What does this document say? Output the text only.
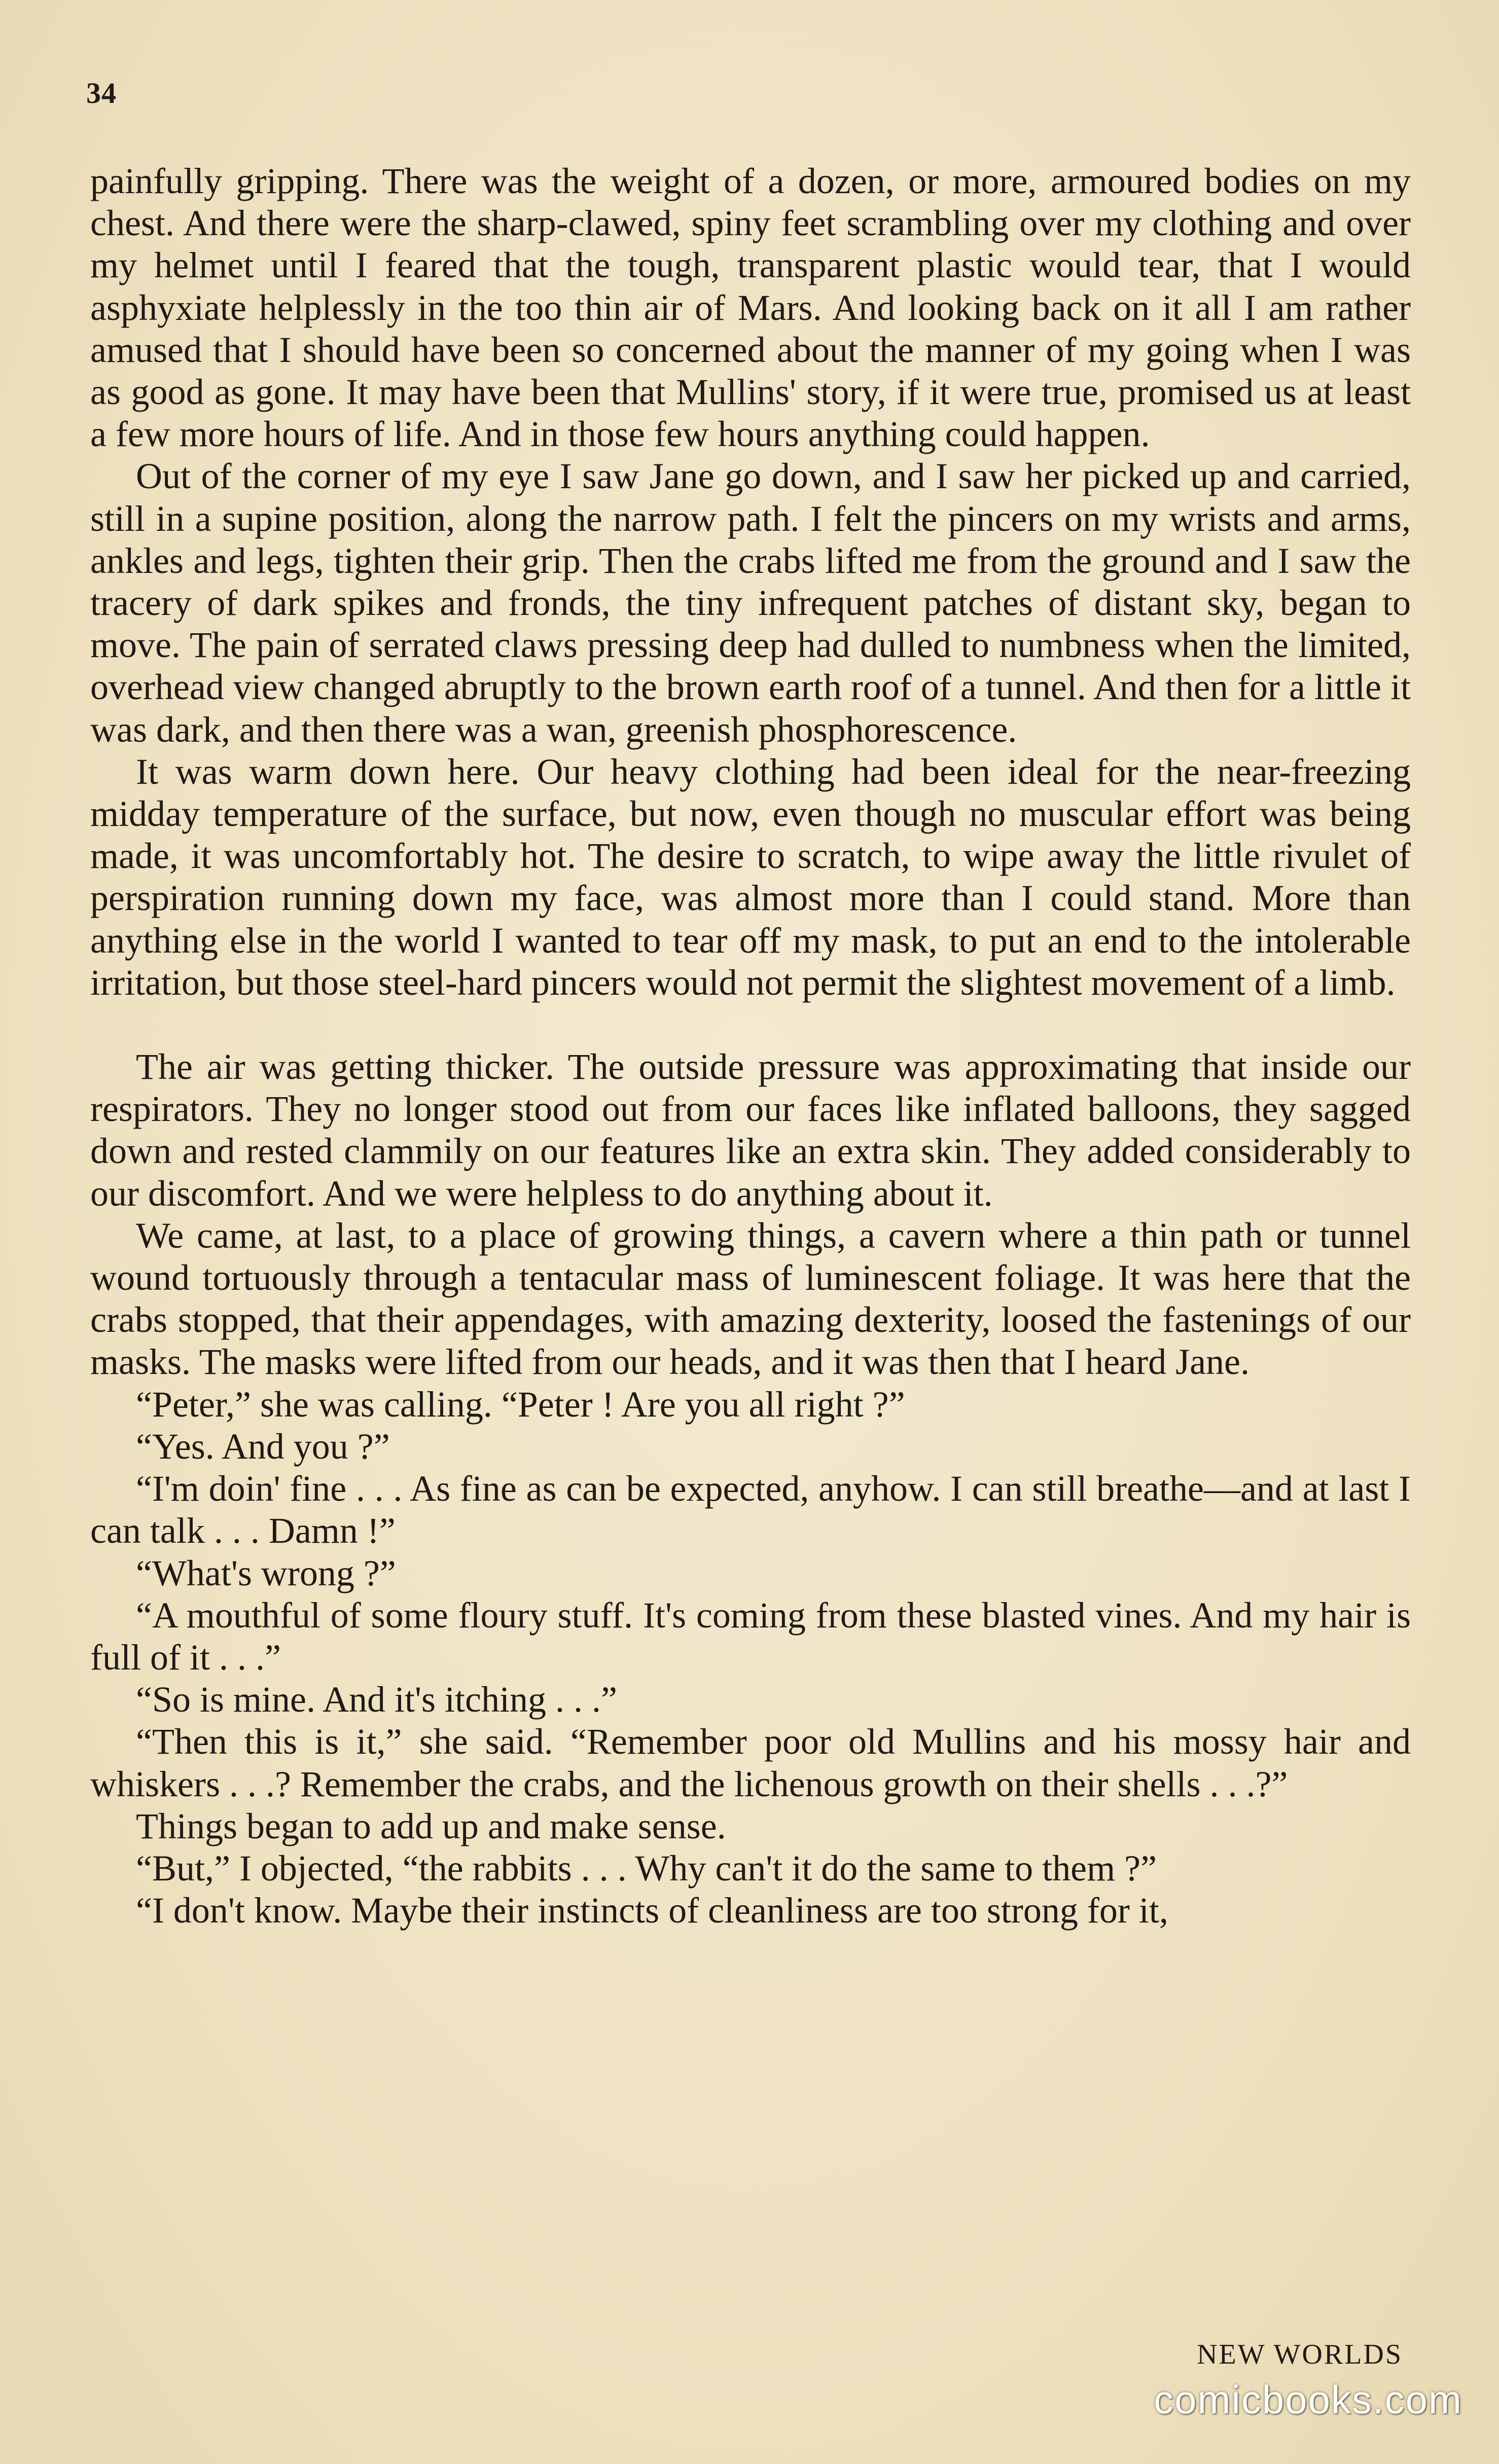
34

painfully gripping. There was the weight of a dozen, or more, armoured bodies on my chest. And there were the sharp-clawed, spiny feet scrambling over my clothing and over my helmet until I feared that the tough, transparent plastic would tear, that I would asphyxiate helplessly in the too thin air of Mars. And looking back on it all I am rather amused that I should have been so concerned about the manner of my going when I was as good as gone. It may have been that Mullins' story, if it were true, promised us at least a few more hours of life. And in those few hours anything could happen.

Out of the corner of my eye I saw Jane go down, and I saw her picked up and carried, still in a supine position, along the narrow path. I felt the pincers on my wrists and arms, ankles and legs, tighten their grip. Then the crabs lifted me from the ground and I saw the tracery of dark spikes and fronds, the tiny infrequent patches of distant sky, began to move. The pain of serrated claws pressing deep had dulled to numbness when the limited, overhead view changed abruptly to the brown earth roof of a tunnel. And then for a little it was dark, and then there was a wan, greenish phosphorescence.

It was warm down here. Our heavy clothing had been ideal for the near-freezing midday temperature of the surface, but now, even though no muscular effort was being made, it was uncomfortably hot. The desire to scratch, to wipe away the little rivulet of perspiration running down my face, was almost more than I could stand. More than anything else in the world I wanted to tear off my mask, to put an end to the intolerable irritation, but those steel-hard pincers would not permit the slightest movement of a limb.

The air was getting thicker. The outside pressure was approximating that inside our respirators. They no longer stood out from our faces like inflated balloons, they sagged down and rested clammily on our features like an extra skin. They added considerably to our discomfort. And we were helpless to do anything about it.

We came, at last, to a place of growing things, a cavern where a thin path or tunnel wound tortuously through a tentacular mass of luminescent foliage. It was here that the crabs stopped, that their appendages, with amazing dexterity, loosed the fastenings of our masks. The masks were lifted from our heads, and it was then that I heard Jane.

“Peter,” she was calling. “Peter ! Are you all right ?”

“Yes. And you ?”

“I'm doin' fine . . . As fine as can be expected, anyhow. I can still breathe—and at last I can talk . . . Damn !”

“What's wrong ?”

“A mouthful of some floury stuff. It's coming from these blasted vines. And my hair is full of it . . .”

“So is mine. And it's itching . . .”

“Then this is it,” she said. “Remember poor old Mullins and his mossy hair and whiskers . . .? Remember the crabs, and the lichenous growth on their shells . . .?”

Things began to add up and make sense.

“But,” I objected, “the rabbits . . . Why can't it do the same to them ?”

“I don't know. Maybe their instincts of cleanliness are too strong for it,

NEW WORLDS
comicbooks.com
